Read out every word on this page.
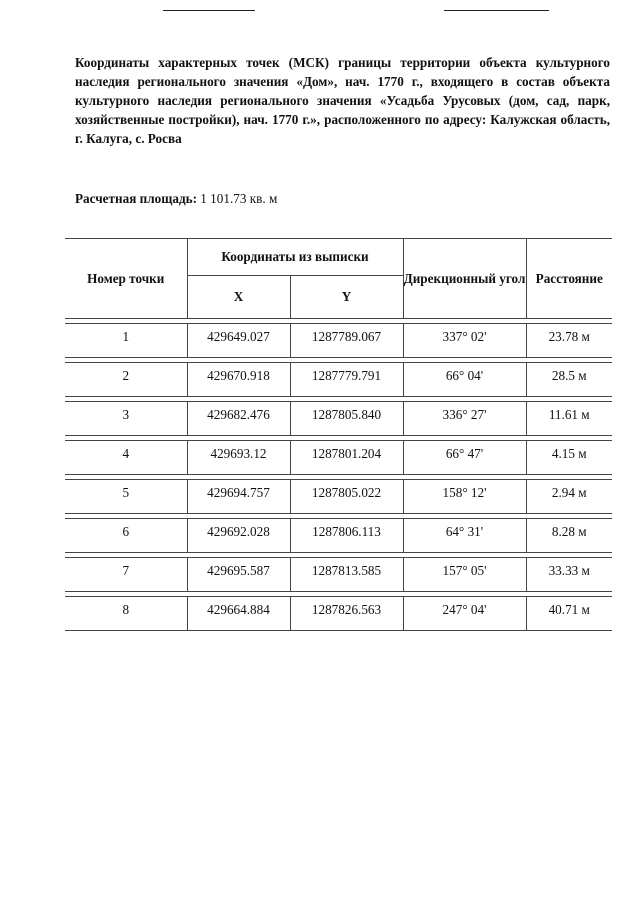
Координаты характерных точек (МСК) границы территории объекта культурного наследия регионального значения «Дом», нач. 1770 г., входящего в состав объекта культурного наследия регионального значения «Усадьба Урусовых (дом, сад, парк, хозяйственные постройки), нач. 1770 г.», расположенного по адресу: Калужская область, г. Калуга, с. Росва
Расчетная площадь: 1 101.73 кв. м
Номер точки	Координаты из выписки		Дирекционный угол	Расстояние
	X	Y		

1	429649.027	1287789.067	337° 02'	23.78 м

2	429670.918	1287779.791	66° 04'	28.5 м

3	429682.476	1287805.840	336° 27'	11.61 м

4	429693.12	1287801.204	66° 47'	4.15 м

5	429694.757	1287805.022	158° 12'	2.94 м

6	429692.028	1287806.113	64° 31'	8.28 м

7	429695.587	1287813.585	157° 05'	33.33 м

8	429664.884	1287826.563	247° 04'	40.71 м
